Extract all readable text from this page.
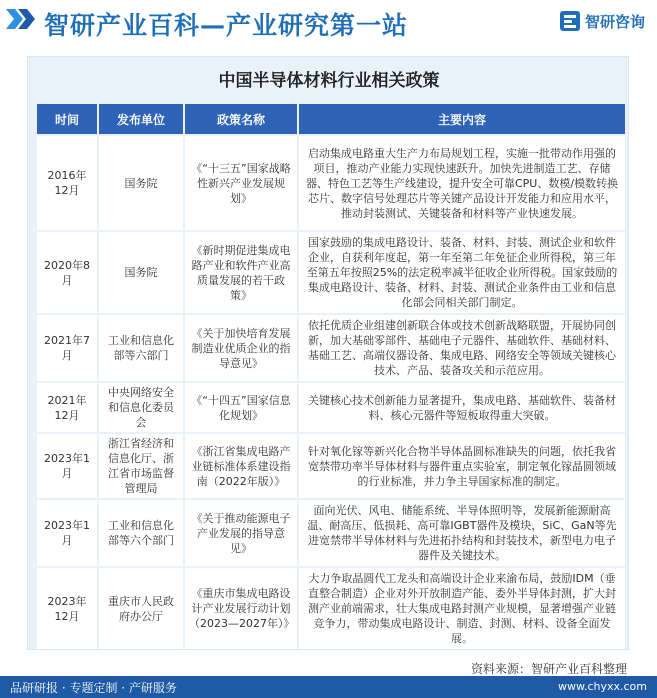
智研产业百科—产业研究第一站	智研咨询
中国半导体材料行业相关政策
时间	发布单位	政策名称	主要内容
2016年12月	国务院	《“十三五”国家战略性新兴产业发展规划》	启动集成电路重大生产力布局规划工程，实施一批带动作用强的项目，推动产业能力实现快速跃升。加快先进制造工艺、存储器、特色工艺等生产线建设，提升安全可靠CPU、数模/模数转换芯片、数字信号处理芯片等关键产品设计开发能力和应用水平，推动封装测试、关键装备和材料等产业快速发展。
2020年8月	国务院	《新时期促进集成电路产业和软件产业高质量发展的若干政策》	国家鼓励的集成电路设计、装备、材料、封装、测试企业和软件企业，自获利年度起，第一年至第二年免征企业所得税，第三年至第五年按照25%的法定税率减半征收企业所得税。国家鼓励的集成电路设计、装备、材料、封装、测试企业条件由工业和信息化部会同相关部门制定。
2021年7月	工业和信息化部等六部门	《关于加快培育发展制造业优质企业的指导意见》	依托优质企业组建创新联合体或技术创新战略联盟，开展协同创新，加大基础零部件、基础电子元器件、基础软件、基础材料、基础工艺、高端仪器设备、集成电路、网络安全等领域关键核心技术、产品、装备攻关和示范应用。
2021年12月	中央网络安全和信息化委员会	《“十四五”国家信息化规划》	关键核心技术创新能力显著提升，集成电路、基础软件、装备材料、核心元器件等短板取得重大突破。
2023年1月	浙江省经济和信息化厅、浙江省市场监督管理局	《浙江省集成电路产业链标准体系建设指南（2022年版）》	针对氧化镓等新兴化合物半导体晶圆标准缺失的问题，依托我省宽禁带功率半导体材料与器件重点实验室，制定氧化镓晶圆领域的行业标准，并力争主导国家标准的制定。
2023年1月	工业和信息化部等六个部门	《关于推动能源电子产业发展的指导意见》	面向光伏、风电、储能系统、半导体照明等，发展新能源耐高温、耐高压、低损耗、高可靠IGBT器件及模块，SiC、GaN等先进宽禁带半导体材料与先进拓扑结构和封装技术，新型电力电子器件及关键技术。
2023年12月	重庆市人民政府办公厅	《重庆市集成电路设计产业发展行动计划（2023—2027年）》	大力争取晶圆代工龙头和高端设计企业来渝布局，鼓励IDM（垂直整合制造）企业对外开放制造产能、委外半导体封测，扩大封测产业前端需求，壮大集成电路封测产业规模，显著增强产业链竞争力，带动集成电路设计、制造、封测、材料、设备全面发展。
资料来源：智研产业百科整理
品研研报 · 专题定制 · 产研服务	www.chyxx.com
